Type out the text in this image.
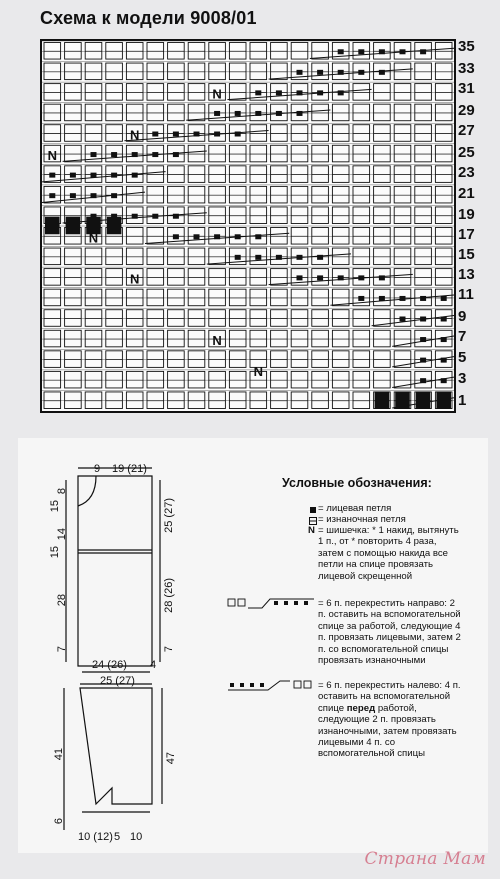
Схема к модели 9008/01
N
N
N
N
N
N
N
35
33
31
29
27
25
23
21
19
17
15
13
11
9
7
5
3
1
9 19 (21)
15
8
14
15
28
7
25 (27)
28 (26)
7
24 (26) 4
25 (27)
41
6
47
10 (12) 5 10
Условные обозначения:
= лицевая петля
= изнаночная петля
N = шишечка: * 1 накид, вытянуть 1 п., от * повторить 4 раза, затем с помощью накида все петли на спице провязать лицевой скрещенной
= 6 п. перекрестить направо: 2 п. оставить на вспомогательной спице за работой, следующие 4 п. провязать лицевыми, затем 2 п. со вспомогательной спицы провязать изнаночными
= 6 п. перекрестить налево: 4 п. оставить на вспомогательной спице перед работой, следующие 2 п. провязать изнаночными, затем провязать лицевыми 4 п. со вспомогательной спицы
Страна Мам
